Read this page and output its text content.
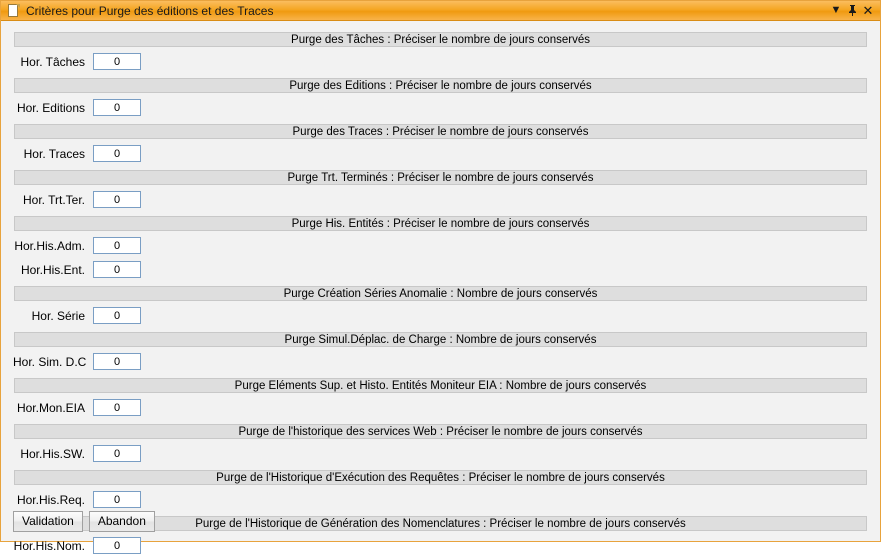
Critères pour Purge des éditions et des Traces	▼ ✕
Purge des Tâches : Préciser le nombre de jours conservés
Hor. Tâches
0
Purge des Editions : Préciser le nombre de jours conservés
Hor. Editions
0
Purge des Traces : Préciser le nombre de jours conservés
Hor. Traces
0
Purge Trt. Terminés : Préciser le nombre de jours conservés
Hor. Trt.Ter.
0
Purge His. Entités : Préciser le nombre de jours conservés
Hor.His.Adm.
0
Hor.His.Ent.
0
Purge Création Séries Anomalie : Nombre de jours conservés
Hor. Série
0
Purge Simul.Déplac. de Charge : Nombre de jours conservés
Hor. Sim. D.C
0
Purge Eléments Sup. et Histo. Entités Moniteur EIA : Nombre de jours conservés
Hor.Mon.EIA
0
Purge de l'historique des services Web : Préciser le nombre de jours conservés
Hor.His.SW.
0
Purge de l'Historique d'Exécution des Requêtes : Préciser le nombre de jours conservés
Hor.His.Req.
0
Purge de l'Historique de Génération des Nomenclatures : Préciser le nombre de jours conservés
Hor.His.Nom.
0
Validation	Abandon
